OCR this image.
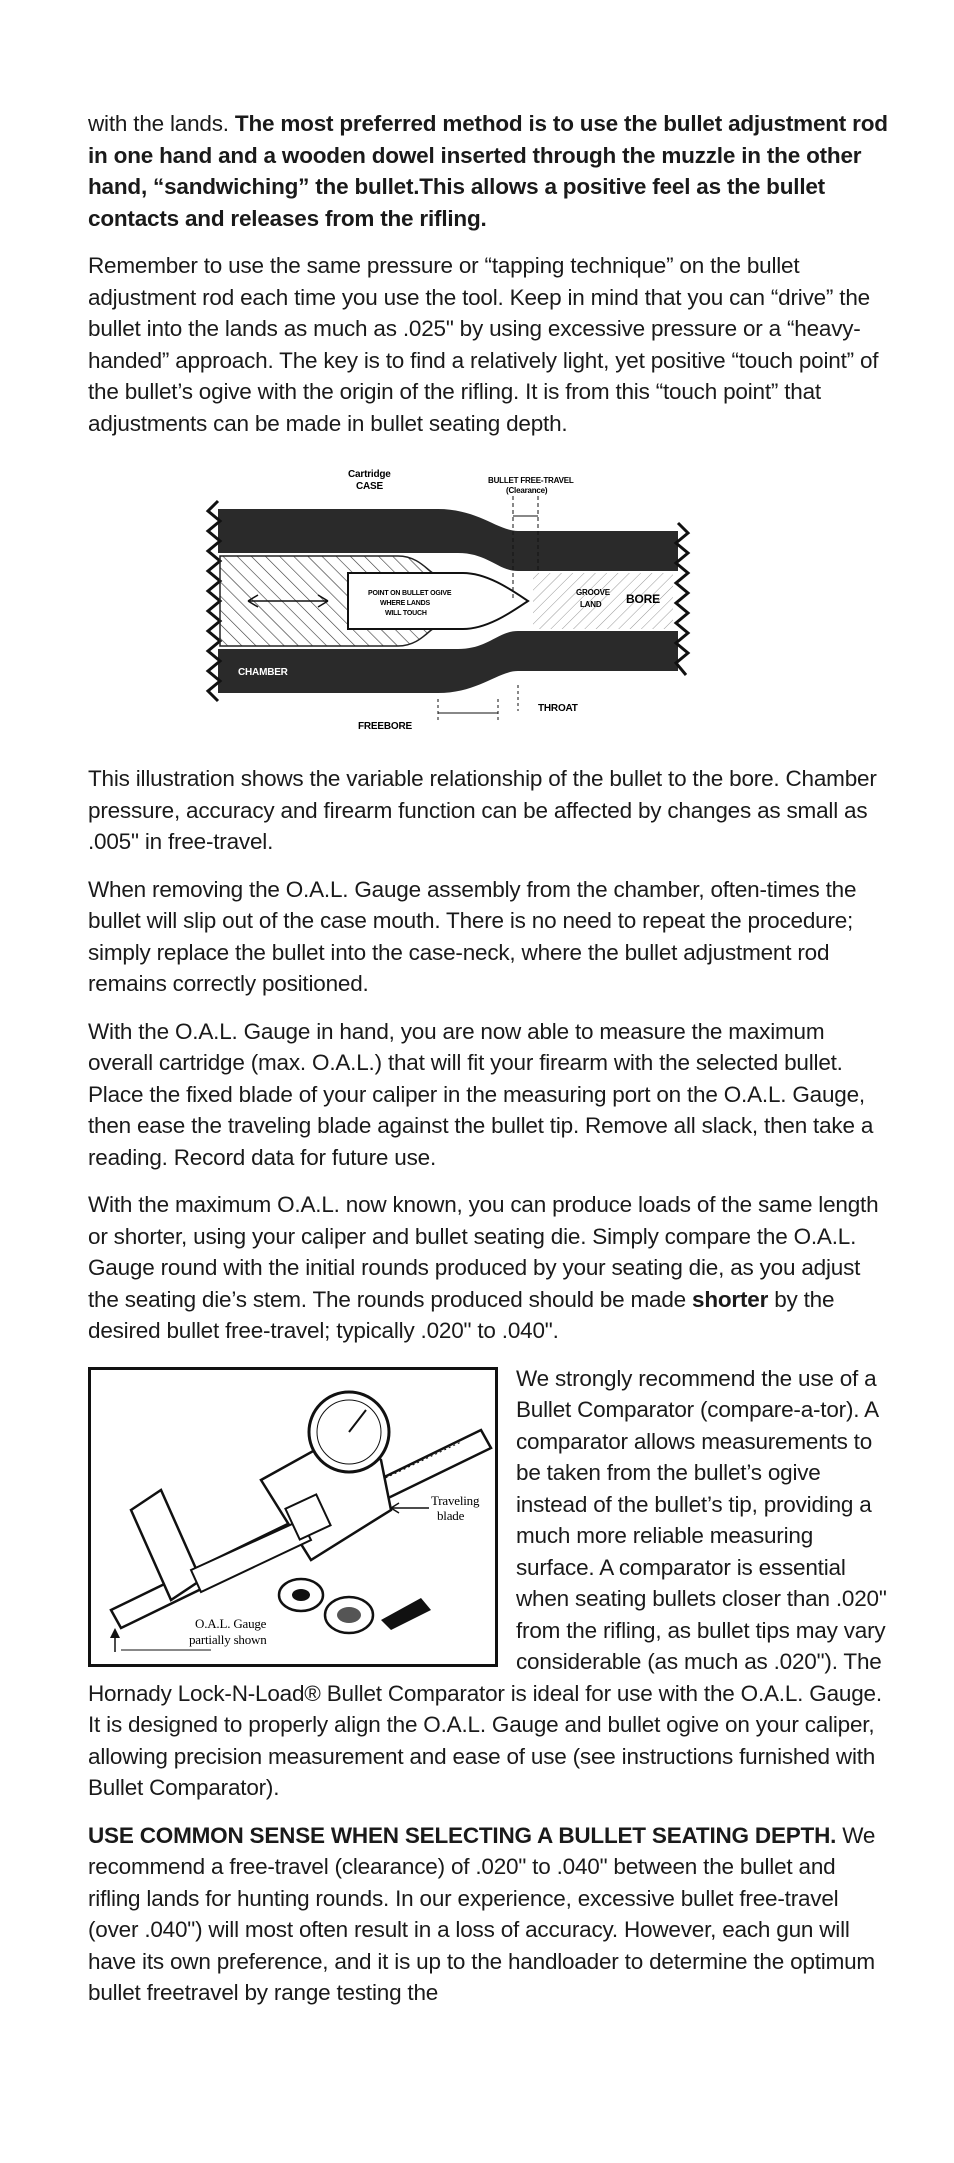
with the lands. The most preferred method is to use the bullet adjustment rod in one hand and a wooden dowel inserted through the muzzle in the other hand, “sandwiching” the bullet.This allows a positive feel as the bullet contacts and releases from the rifling.

Remember to use the same pressure or “tapping technique” on the bullet adjustment rod each time you use the tool. Keep in mind that you can “drive” the bullet into the lands as much as .025" by using excessive pressure or a “heavy-handed” approach. The key is to find a relatively light, yet positive “touch point” of the bullet’s ogive with the origin of the rifling. It is from this “touch point” that adjustments can be made in bullet seating depth.

Cartridge
CASE
BULLET FREE-TRAVEL
(Clearance)
POINT ON BULLET OGIVE
WHERE LANDS
WILL TOUCH
GROOVE
LAND BORE
CHAMBER
FREEBORE
THROAT

This illustration shows the variable relationship of the bullet to the bore. Chamber pressure, accuracy and firearm function can be affected by changes as small as .005" in free-travel.

When removing the O.A.L. Gauge assembly from the chamber, often-times the bullet will slip out of the case mouth. There is no need to repeat the procedure; simply replace the bullet into the case-neck, where the bullet adjustment rod remains correctly positioned.

With the O.A.L. Gauge in hand, you are now able to measure the maximum overall cartridge (max. O.A.L.) that will fit your firearm with the selected bullet. Place the fixed blade of your caliper in the measuring port on the O.A.L. Gauge, then ease the traveling blade against the bullet tip. Remove all slack, then take a reading. Record data for future use.

With the maximum O.A.L. now known, you can produce loads of the same length or shorter, using your caliper and bullet seating die. Simply compare the O.A.L. Gauge round with the initial rounds produced by your seating die, as you adjust the seating die’s stem. The rounds produced should be made shorter by the desired bullet free-travel; typically .020" to .040".

Traveling
blade
O.A.L. Gauge
partially shown

We strongly recommend the use of a Bullet Comparator (compare-a-tor). A comparator allows measurements to be taken from the bullet’s ogive instead of the bullet’s tip, providing a much more reliable measuring surface. A comparator is essential when seating bullets closer than .020" from the rifling, as bullet tips may vary considerable (as much as .020"). The Hornady Lock-N-Load® Bullet Comparator is ideal for use with the O.A.L. Gauge. It is designed to properly align the O.A.L. Gauge and bullet ogive on your caliper, allowing precision measurement and ease of use (see instructions furnished with Bullet Comparator).

USE COMMON SENSE WHEN SELECTING A BULLET SEATING DEPTH. We recommend a free-travel (clearance) of .020" to .040" between the bullet and rifling lands for hunting rounds. In our experience, excessive bullet free-travel (over .040") will most often result in a loss of accuracy. However, each gun will have its own preference, and it is up to the handloader to determine the optimum bullet freetravel by range testing the
